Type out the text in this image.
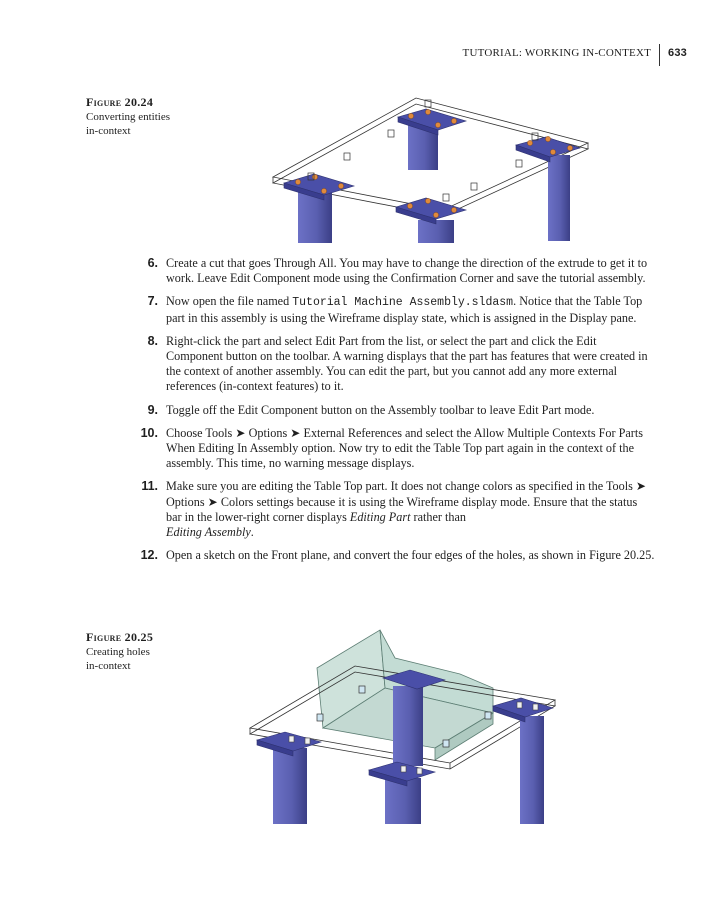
TUTORIAL: WORKING IN-CONTEXT	633
Figure 20.24
Converting entities
in-context
6. Create a cut that goes Through All. You may have to change the direction of the extrude to get it to work. Leave Edit Component mode using the Confirmation Corner and save the tutorial assembly.
7. Now open the file named Tutorial Machine Assembly.sldasm. Notice that the Table Top part in this assembly is using the Wireframe display state, which is assigned in the Display pane.
8. Right-click the part and select Edit Part from the list, or select the part and click the Edit Component button on the toolbar. A warning displays that the part has features that were created in the context of another assembly. You can edit the part, but you cannot add any more external references (in-context features) to it.
9. Toggle off the Edit Component button on the Assembly toolbar to leave Edit Part mode.
10. Choose Tools ➤ Options ➤ External References and select the Allow Multiple Contexts For Parts When Editing In Assembly option. Now try to edit the Table Top part again in the context of the assembly. This time, no warning message displays.
11. Make sure you are editing the Table Top part. It does not change colors as specified in the Tools ➤ Options ➤ Colors settings because it is using the Wireframe display mode. Ensure that the status bar in the lower-right corner displays Editing Part rather than
Editing Assembly.
12. Open a sketch on the Front plane, and convert the four edges of the holes, as shown in Figure 20.25.
Figure 20.25
Creating holes
in-context
